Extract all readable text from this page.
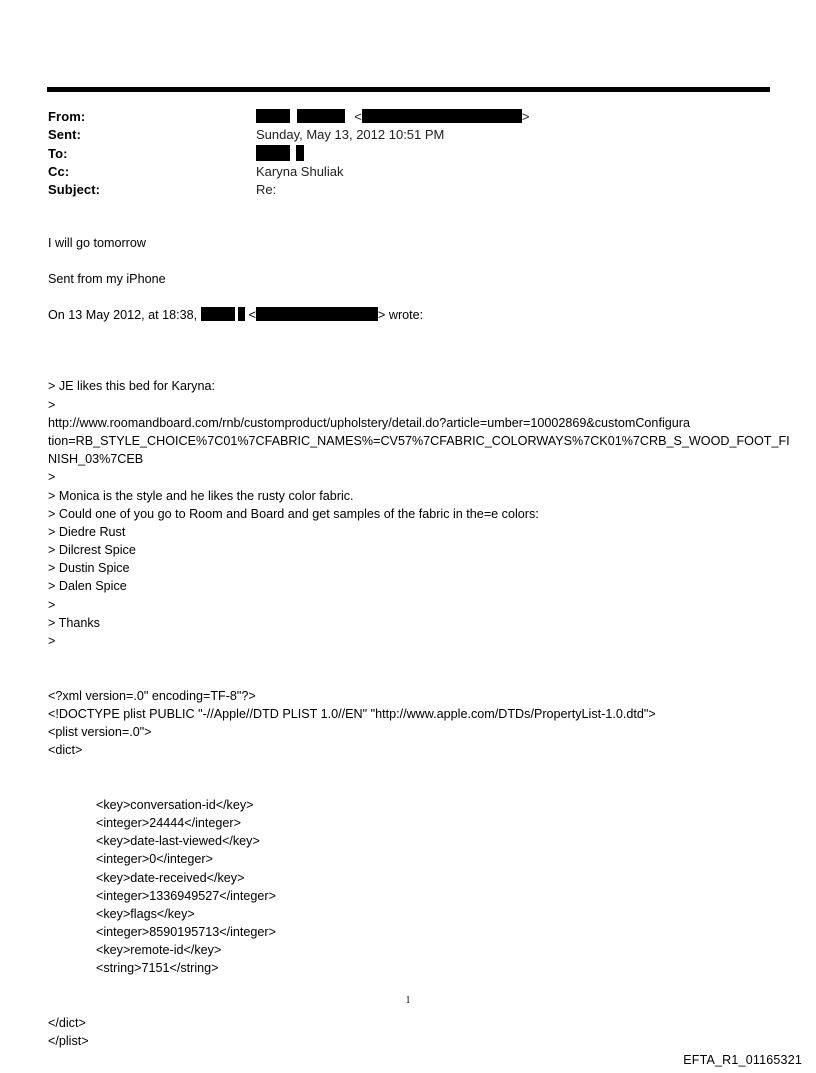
From:	<	>
Sent:	Sunday, May 13, 2012 10:51 PM
To:

Cc:	Karyna Shuliak
Subject:	Re:
I will go tomorrow
Sent from my iPhone
On 13 May 2012, at 18:38,	<	> wrote:

> JE likes this bed for Karyna:
>
http://www.roomandboard.com/rnb/customproduct/upholstery/detail.do?article=umber=10002869&customConfigura
tion=RB_STYLE_CHOICE%7C01%7CFABRIC_NAMES%=CV57%7CFABRIC_COLORWAYS%7CK01%7CRB_S_WOOD_FOOT_FI
NISH_03%7CEB
>
> Monica is the style and he likes the rusty color fabric.
> Could one of you go to Room and Board and get samples of the fabric in the=e colors:
> Diedre Rust
> Dilcrest Spice
> Dustin Spice
> Dalen Spice
>
> Thanks
>

<?xml version=.0" encoding=TF-8"?>
<!DOCTYPE plist PUBLIC "-//Apple//DTD PLIST 1.0//EN" "http://www.apple.com/DTDs/PropertyList-1.0.dtd">
<plist version=.0">
<dict>

<key>conversation-id</key>
<integer>24444</integer>
<key>date-last-viewed</key>
<integer>0</integer>
<key>date-received</key>
<integer>1336949527</integer>
<key>flags</key>
<integer>8590195713</integer>
<key>remote-id</key>
<string>7151</string>

</dict>
</plist>

1
EFTA_R1_01165321
